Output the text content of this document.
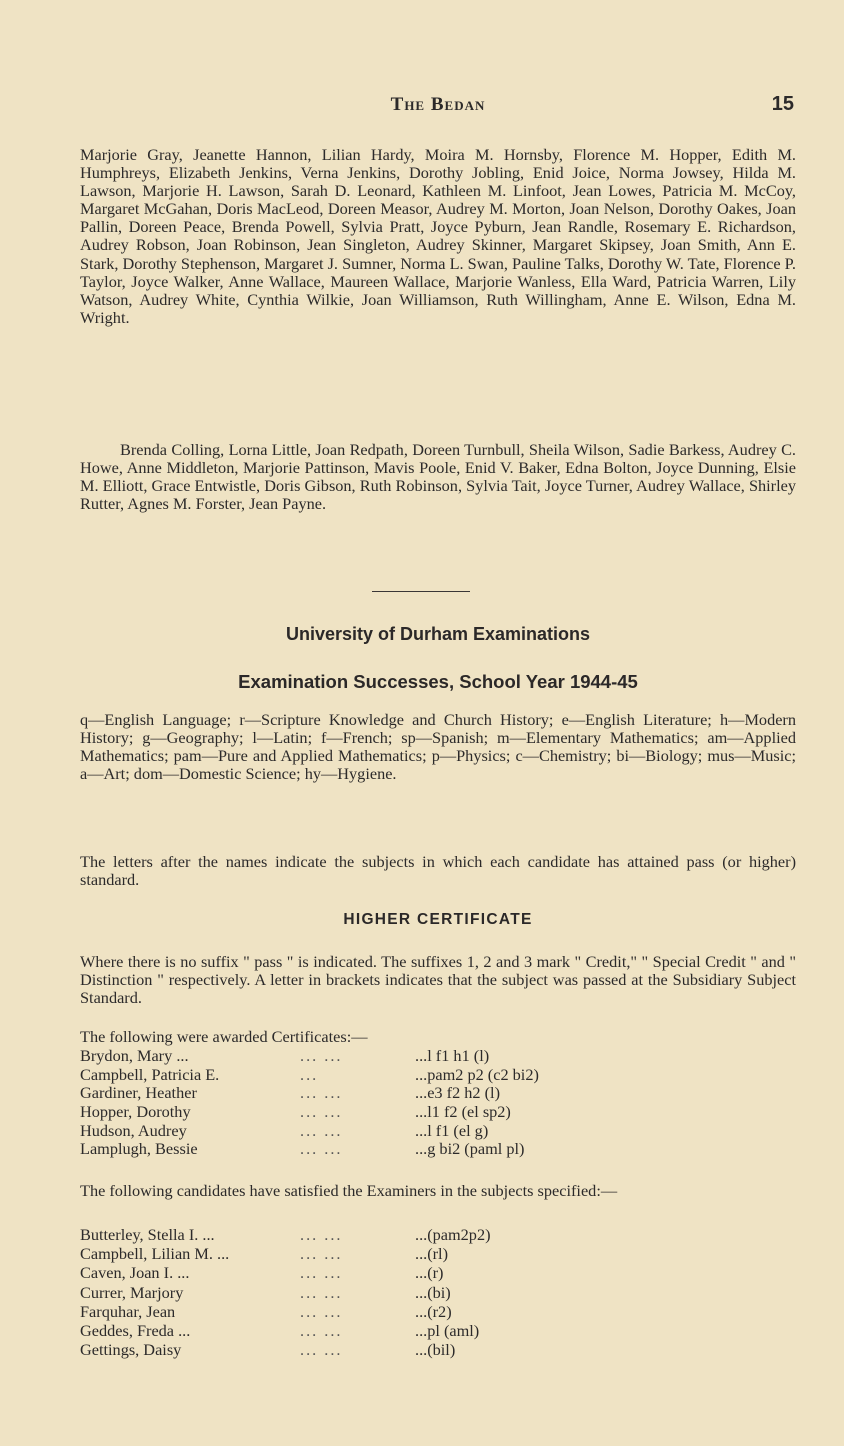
The Bedan	15

Marjorie Gray, Jeanette Hannon, Lilian Hardy, Moira M. Hornsby, Florence M. Hopper, Edith M. Humphreys, Elizabeth Jenkins, Verna Jenkins, Dorothy Jobling, Enid Joice, Norma Jowsey, Hilda M. Lawson, Marjorie H. Lawson, Sarah D. Leonard, Kathleen M. Linfoot, Jean Lowes, Patricia M. McCoy, Margaret McGahan, Doris MacLeod, Doreen Measor, Audrey M. Morton, Joan Nelson, Dorothy Oakes, Joan Pallin, Doreen Peace, Brenda Powell, Sylvia Pratt, Joyce Pyburn, Jean Randle, Rosemary E. Richardson, Audrey Robson, Joan Robinson, Jean Singleton, Audrey Skinner, Margaret Skipsey, Joan Smith, Ann E. Stark, Dorothy Stephenson, Margaret J. Sumner, Norma L. Swan, Pauline Talks, Dorothy W. Tate, Florence P. Taylor, Joyce Walker, Anne Wallace, Maureen Wallace, Marjorie Wanless, Ella Ward, Patricia Warren, Lily Watson, Audrey White, Cynthia Wilkie, Joan Williamson, Ruth Willingham, Anne E. Wilson, Edna M. Wright.

Brenda Colling, Lorna Little, Joan Redpath, Doreen Turnbull, Sheila Wilson, Sadie Barkess, Audrey C. Howe, Anne Middleton, Marjorie Pattinson, Mavis Poole, Enid V. Baker, Edna Bolton, Joyce Dunning, Elsie M. Elliott, Grace Entwistle, Doris Gibson, Ruth Robinson, Sylvia Tait, Joyce Turner, Audrey Wallace, Shirley Rutter, Agnes M. Forster, Jean Payne.

University of Durham Examinations
Examination Successes, School Year 1944-45

q—English Language; r—Scripture Knowledge and Church History; e—English Literature; h—Modern History; g—Geography; l—Latin; f—French; sp—Spanish; m—Elementary Mathematics; am—Applied Mathematics; pam—Pure and Applied Mathematics; p—Physics; c—Chemistry; bi—Biology; mus—Music; a—Art; dom—Domestic Science; hy—Hygiene.

The letters after the names indicate the subjects in which each candidate has attained pass (or higher) standard.

HIGHER CERTIFICATE

Where there is no suffix " pass " is indicated. The suffixes 1, 2 and 3 mark " Credit," " Special Credit " and " Distinction " respectively. A letter in brackets indicates that the subject was passed at the Subsidiary Subject Standard.

The following were awarded Certificates:—

Brydon, Mary ...	... ...	...l f1 h1 (l)
Campbell, Patricia E.	...	...pam2 p2 (c2 bi2)
Gardiner, Heather	... ...	...e3 f2 h2 (l)
Hopper, Dorothy	... ...	...l1 f2 (el sp2)
Hudson, Audrey	... ...	...l f1 (el g)
Lamplugh, Bessie	... ...	...g bi2 (paml pl)

The following candidates have satisfied the Examiners in the subjects specified:—

Butterley, Stella I. ...	... ...	...(pam2p2)
Campbell, Lilian M. ...	... ...	...(rl)
Caven, Joan I. ...	... ...	...(r)
Currer, Marjory	... ...	...(bi)
Farquhar, Jean	... ...	...(r2)
Geddes, Freda ...	... ...	...pl (aml)
Gettings, Daisy	... ...	...(bil)
